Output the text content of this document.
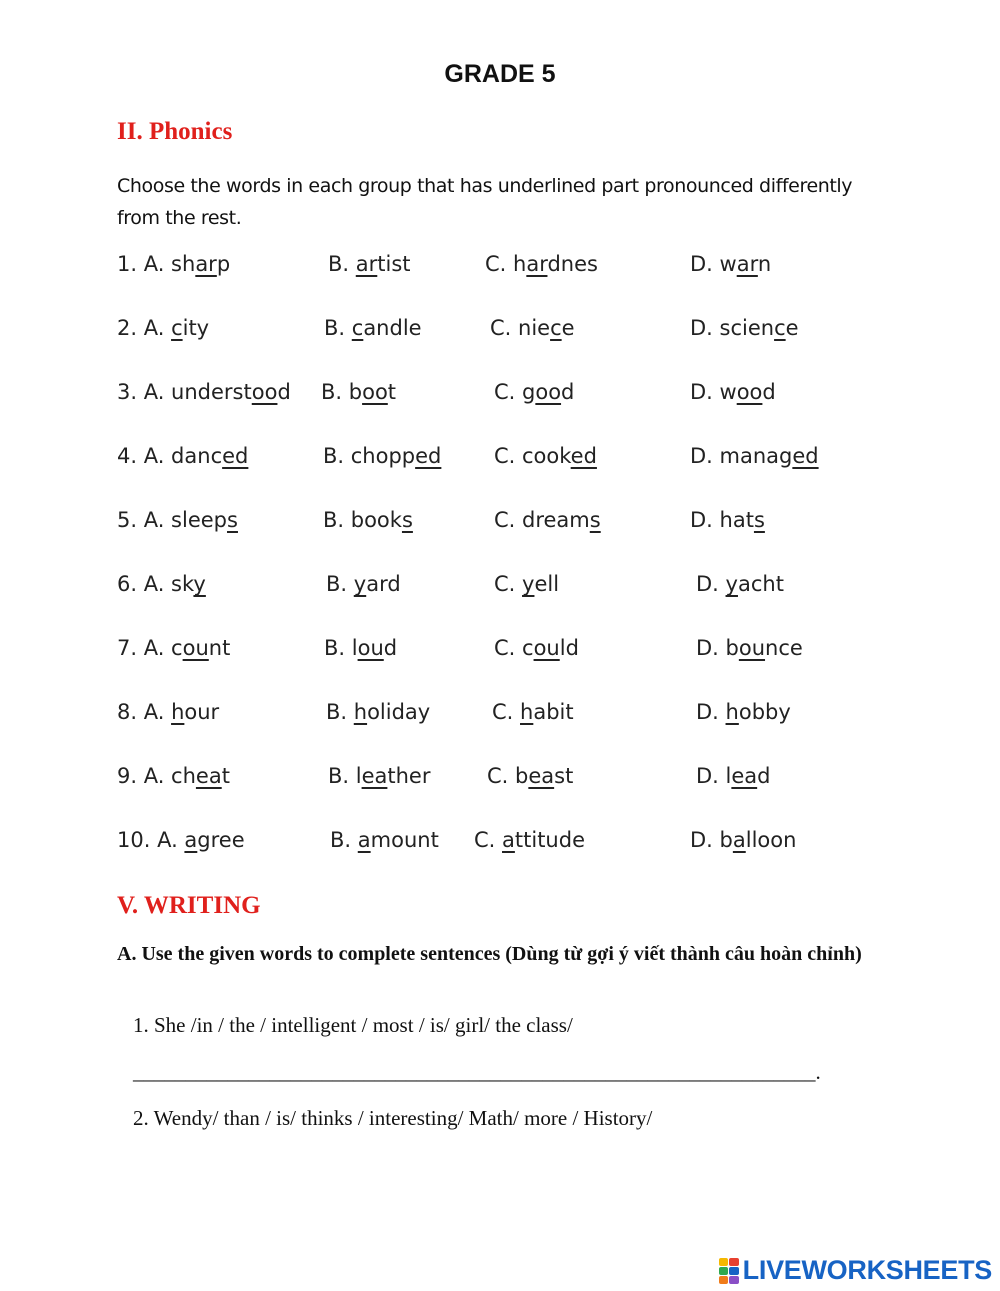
GRADE 5
II. Phonics
Choose the words in each group that has underlined part pronounced differently from the rest.
1. A. sharp	B. artist	C. hardnes	D. warn
2. A. city	B. candle	C. niece	D. science
3. A. understood B. boot	C. good	D. wood
4. A. danced	B. chopped	C. cooked	D. managed
5. A. sleeps	B. books	C. dreams	D. hats
6. A. sky	B. yard	C. yell	D. yacht
7. A. count	B. loud	C. could	D. bounce
8. A. hour	B. holiday	C. habit	D. hobby
9. A. cheat	B. leather	C. beast	D. lead
10. A. agree	B. amount C. attitude	D. balloon
V. WRITING
A. Use the given words to complete sentences (Dùng từ gợi ý viết thành câu hoàn chỉnh)
1. She /in / the / intelligent / most / is/ girl/ the class/
_________________________________________________________________.
2. Wendy/ than / is/ thinks / interesting/ Math/ more / History/
LIVEWORKSHEETS
